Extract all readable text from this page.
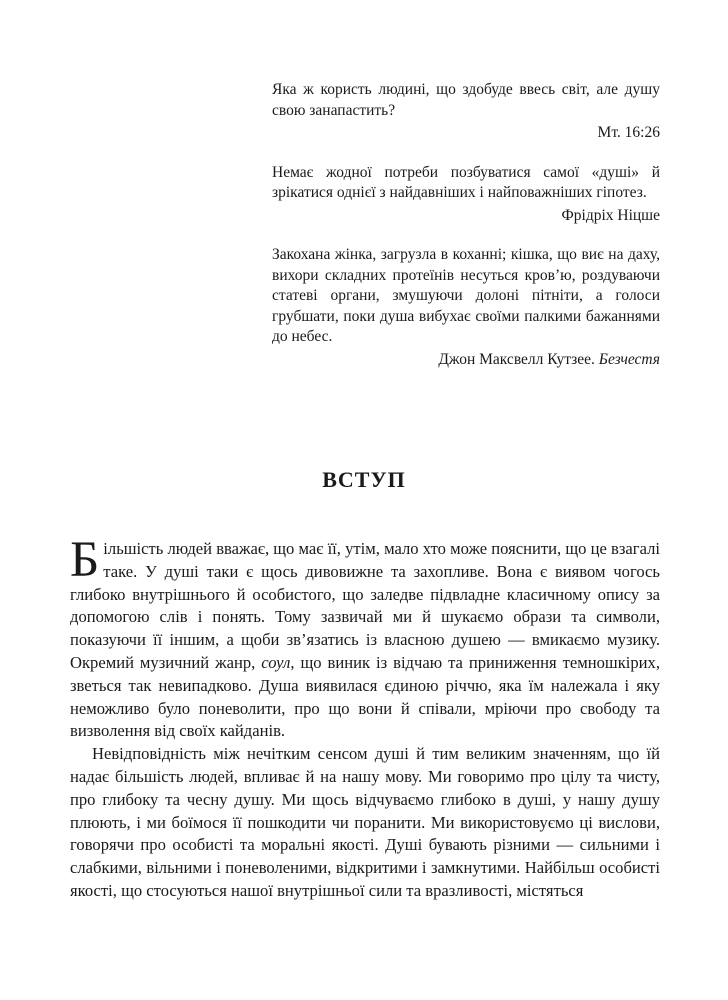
Яка ж користь людині, що здобуде ввесь світ, але душу свою занапастить?

Мт. 16:26

Немає жодної потреби позбуватися самої «душі» й зрікатися однієї з найдавніших і найповажніших гіпотез.

Фрідріх Ніцше

Закохана жінка, загрузла в коханні; кішка, що виє на даху, вихори складних протеїнів несуться кров’ю, роздуваючи статеві органи, змушуючи долоні пітніти, а голоси грубшати, поки душа вибухає своїми палкими бажаннями до небес.

Джон Максвелл Кутзее. Безчестя

ВСТУП

Більшість людей вважає, що має її, утім, мало хто може пояснити, що це взагалі таке. У душі таки є щось дивовижне та захопливе. Вона є виявом чогось глибоко внутрішнього й особистого, що заледве підвладне класичному опису за допомогою слів і понять. Тому зазвичай ми й шукаємо образи та символи, показуючи її іншим, а щоби зв’язатись із власною душею — вмикаємо музику. Окремий музичний жанр, соул, що виник із відчаю та приниження темношкірих, зветься так невипадково. Душа виявилася єдиною річчю, яка їм належала і яку неможливо було поневолити, про що вони й співали, мріючи про свободу та визволення від своїх кайданів.

Невідповідність між нечітким сенсом душі й тим великим значенням, що їй надає більшість людей, впливає й на нашу мову. Ми говоримо про цілу та чисту, про глибоку та чесну душу. Ми щось відчуваємо глибоко в душі, у нашу душу плюють, і ми боїмося її пошкодити чи поранити. Ми використовуємо ці вислови, говорячи про особисті та моральні якості. Душі бувають різними — сильними і слабкими, вільними і поневоленими, відкритими і замкнутими. Найбільш особисті якості, що стосуються нашої внутрішньої сили та вразливості, містяться
